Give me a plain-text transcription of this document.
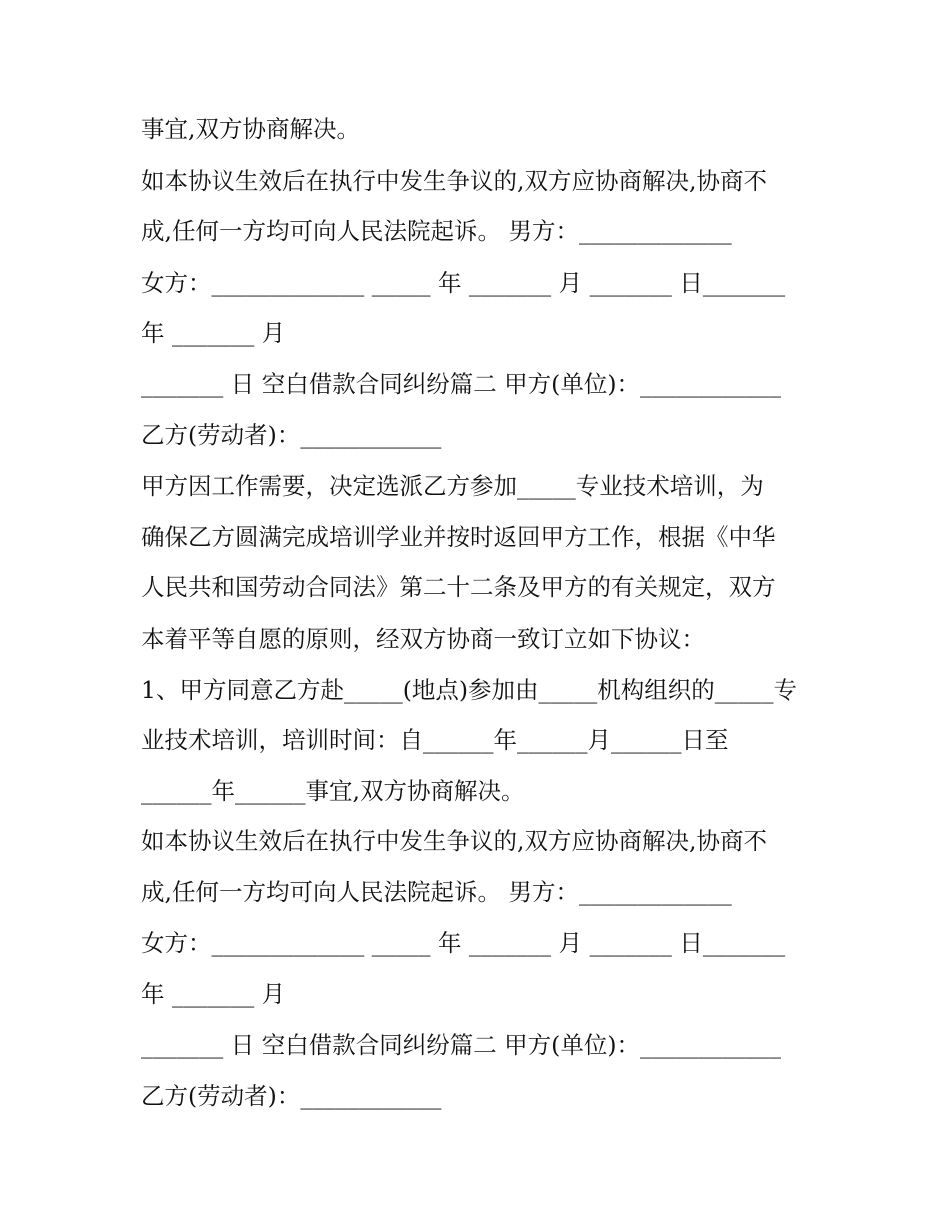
事宜,双方协商解决。

如本协议生效后在执行中发生争议的,双方应协商解决,协商不

成,任何一方均可向人民法院起诉。 男方：_____________

女方：_____________ _____ 年 _______ 月 _______ 日_______

年 _______ 月

_______ 日 空白借款合同纠纷篇二 甲方(单位)：____________

乙方(劳动者)：____________

甲方因工作需要，决定选派乙方参加_____专业技术培训，为

确保乙方圆满完成培训学业并按时返回甲方工作，根据《中华

人民共和国劳动合同法》第二十二条及甲方的有关规定，双方

本着平等自愿的原则，经双方协商一致订立如下协议：

1、甲方同意乙方赴_____(地点)参加由_____机构组织的_____专

业技术培训，培训时间：自______年______月______日至

______年______事宜,双方协商解决。

如本协议生效后在执行中发生争议的,双方应协商解决,协商不

成,任何一方均可向人民法院起诉。 男方：_____________

女方：_____________ _____ 年 _______ 月 _______ 日_______

年 _______ 月

_______ 日 空白借款合同纠纷篇二 甲方(单位)：____________

乙方(劳动者)：____________
